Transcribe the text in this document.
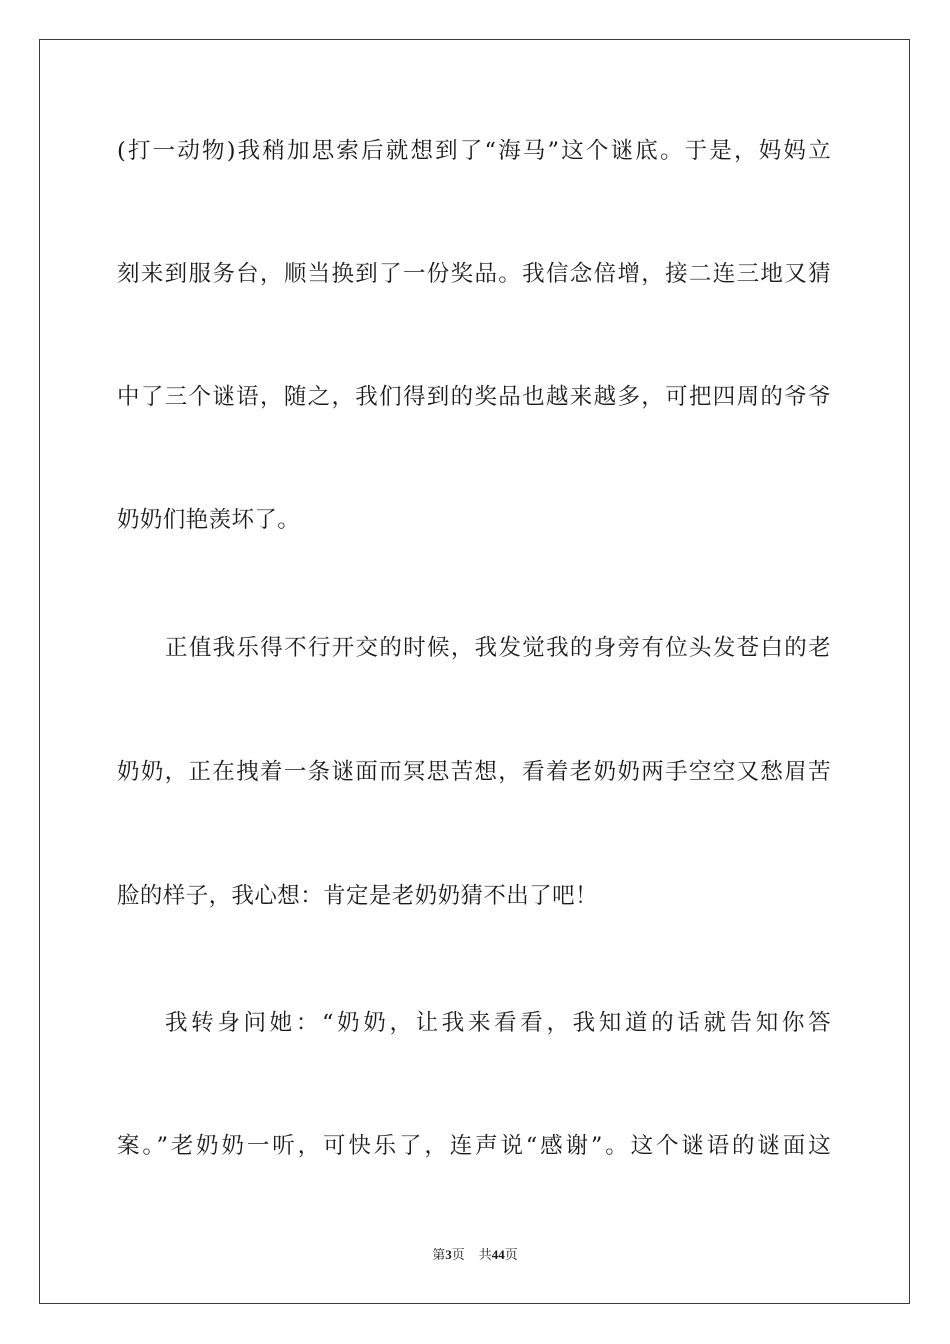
(打一动物)我稍加思索后就想到了“海马”这个谜底。于是，妈妈立
刻来到服务台，顺当换到了一份奖品。我信念倍增，接二连三地又猜
中了三个谜语，随之，我们得到的奖品也越来越多，可把四周的爷爷
奶奶们艳羡坏了。
正值我乐得不行开交的时候，我发觉我的身旁有位头发苍白的老
奶奶，正在拽着一条谜面而冥思苦想，看着老奶奶两手空空又愁眉苦
脸的样子，我心想：肯定是老奶奶猜不出了吧！
我转身问她：“奶奶，让我来看看，我知道的话就告知你答
案。”老奶奶一听，可快乐了，连声说“感谢”。这个谜语的谜面这
第3页 共44页
